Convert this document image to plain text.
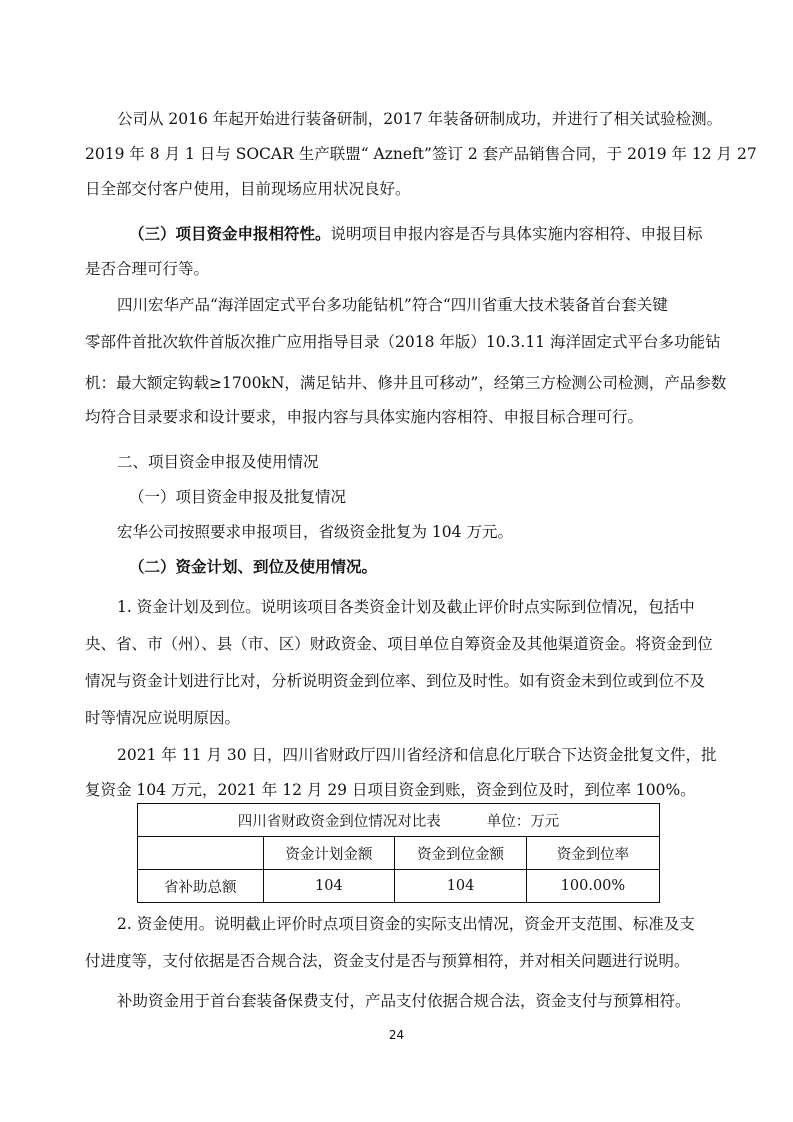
公司从 2016 年起开始进行装备研制，2017 年装备研制成功，并进行了相关试验检测。
2019 年 8 月 1 日与 SOCAR 生产联盟“ Azneft”签订 2 套产品销售合同，于 2019 年 12 月 27
日全部交付客户使用，目前现场应用状况良好。
（三）项目资金申报相符性。说明项目申报内容是否与具体实施内容相符、申报目标
是否合理可行等。
四川宏华产品“海洋固定式平台多功能钻机”符合“四川省重大技术装备首台套关键
零部件首批次软件首版次推广应用指导目录（2018 年版）10.3.11 海洋固定式平台多功能钻
机：最大额定钩载≥1700kN，满足钻井、修井且可移动”，经第三方检测公司检测，产品参数
均符合目录要求和设计要求，申报内容与具体实施内容相符、申报目标合理可行。
二、项目资金申报及使用情况
（一）项目资金申报及批复情况
宏华公司按照要求申报项目，省级资金批复为 104 万元。
（二）资金计划、到位及使用情况。
1. 资金计划及到位。说明该项目各类资金计划及截止评价时点实际到位情况，包括中
央、省、市（州）、县（市、区）财政资金、项目单位自筹资金及其他渠道资金。将资金到位
情况与资金计划进行比对，分析说明资金到位率、到位及时性。如有资金未到位或到位不及
时等情况应说明原因。
2021 年 11 月 30 日，四川省财政厅四川省经济和信息化厅联合下达资金批复文件，批
复资金 104 万元，2021 年 12 月 29 日项目资金到账，资金到位及时，到位率 100%。
四川省财政资金到位情况对比表          单位：万元			
	资金计划金额	资金到位金额	资金到位率
省补助总额	104	104	100.00%
2. 资金使用。说明截止评价时点项目资金的实际支出情况，资金开支范围、标准及支
付进度等，支付依据是否合规合法，资金支付是否与预算相符，并对相关问题进行说明。
补助资金用于首台套装备保费支付，产品支付依据合规合法，资金支付与预算相符。
24
